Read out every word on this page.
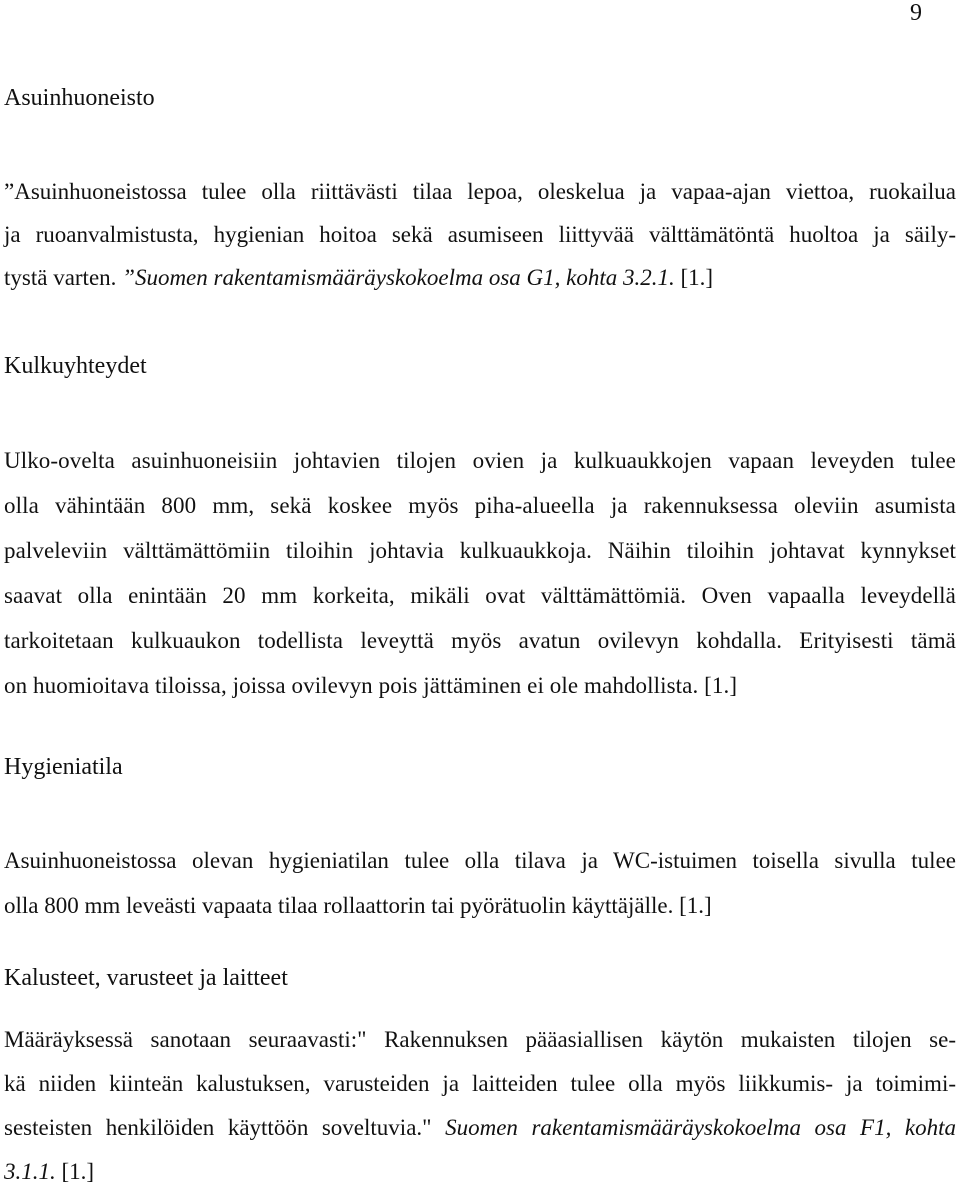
9
Asuinhuoneisto
”Asuinhuoneistossa tulee olla riittävästi tilaa lepoa, oleskelua ja vapaa-ajan viettoa, ruokailua
ja ruoanvalmistusta, hygienian hoitoa sekä asumiseen liittyvää välttämätöntä huoltoa ja säily-
tystä varten. ”Suomen rakentamismääräyskokoelma osa G1, kohta 3.2.1. [1.]
Kulkuyhteydet
Ulko-ovelta asuinhuoneisiin johtavien tilojen ovien ja kulkuaukkojen vapaan leveyden tulee
olla vähintään 800 mm, sekä koskee myös piha-alueella ja rakennuksessa oleviin asumista
palveleviin välttämättömiin tiloihin johtavia kulkuaukkoja. Näihin tiloihin johtavat kynnykset
saavat olla enintään 20 mm korkeita, mikäli ovat välttämättömiä. Oven vapaalla leveydellä
tarkoitetaan kulkuaukon todellista leveyttä myös avatun ovilevyn kohdalla. Erityisesti tämä
on huomioitava tiloissa, joissa ovilevyn pois jättäminen ei ole mahdollista. [1.]
Hygieniatila
Asuinhuoneistossa olevan hygieniatilan tulee olla tilava ja WC-istuimen toisella sivulla tulee
olla 800 mm leveästi vapaata tilaa rollaattorin tai pyörätuolin käyttäjälle. [1.]
Kalusteet, varusteet ja laitteet
Määräyksessä sanotaan seuraavasti:" Rakennuksen pääasiallisen käytön mukaisten tilojen se-
kä niiden kiinteän kalustuksen, varusteiden ja laitteiden tulee olla myös liikkumis- ja toimimi-
sesteisten henkilöiden käyttöön soveltuvia." Suomen rakentamismääräyskokoelma osa F1, kohta
3.1.1. [1.]
